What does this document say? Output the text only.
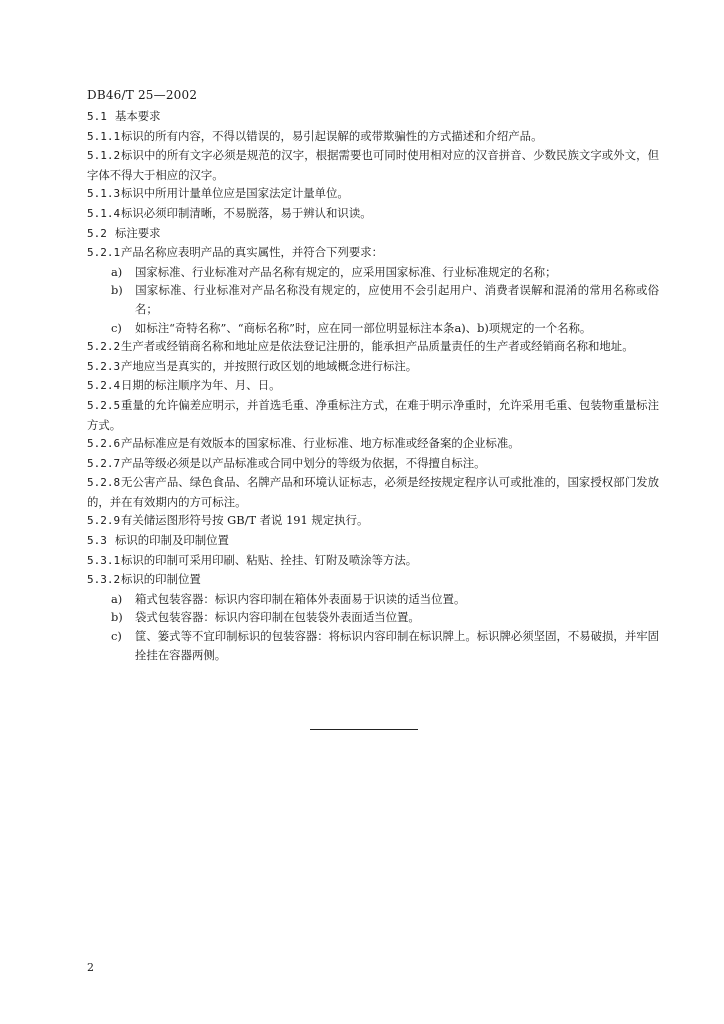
DB46/T 25—2002
5.1 基本要求
5.1.1标识的所有内容，不得以错误的，易引起误解的或带欺骗性的方式描述和介绍产品。
5.1.2标识中的所有文字必须是规范的汉字，根据需要也可同时使用相对应的汉音拼音、少数民族文字或外文，但字体不得大于相应的汉字。
5.1.3标识中所用计量单位应是国家法定计量单位。
5.1.4标识必须印制清晰，不易脱落，易于辨认和识读。
5.2 标注要求
5.2.1产品名称应表明产品的真实属性，并符合下列要求：
a) 国家标准、行业标准对产品名称有规定的，应采用国家标准、行业标准规定的名称；
b) 国家标准、行业标准对产品名称没有规定的，应使用不会引起用户、消费者误解和混淆的常用名称或俗名；
c) 如标注“奇特名称”、“商标名称”时，应在同一部位明显标注本条a)、b)项规定的一个名称。
5.2.2生产者或经销商名称和地址应是依法登记注册的，能承担产品质量责任的生产者或经销商名称和地址。
5.2.3产地应当是真实的，并按照行政区划的地域概念进行标注。
5.2.4日期的标注顺序为年、月、日。
5.2.5重量的允许偏差应明示，并首选毛重、净重标注方式，在难于明示净重时，允许采用毛重、包装物重量标注方式。
5.2.6产品标准应是有效版本的国家标准、行业标准、地方标准或经备案的企业标准。
5.2.7产品等级必须是以产品标准或合同中划分的等级为依据，不得擅自标注。
5.2.8无公害产品、绿色食品、名牌产品和环境认证标志，必须是经按规定程序认可或批准的，国家授权部门发放的，并在有效期内的方可标注。
5.2.9有关储运图形符号按 GB/T 者说 191 规定执行。
5.3 标识的印制及印制位置
5.3.1标识的印制可采用印刷、粘贴、拴挂、钉附及喷涂等方法。
5.3.2标识的印制位置
a) 箱式包装容器：标识内容印制在箱体外表面易于识读的适当位置。
b) 袋式包装容器：标识内容印制在包装袋外表面适当位置。
c) 筐、篓式等不宜印制标识的包装容器：将标识内容印制在标识牌上。标识牌必须坚固，不易破损，并牢固拴挂在容器两侧。
2
